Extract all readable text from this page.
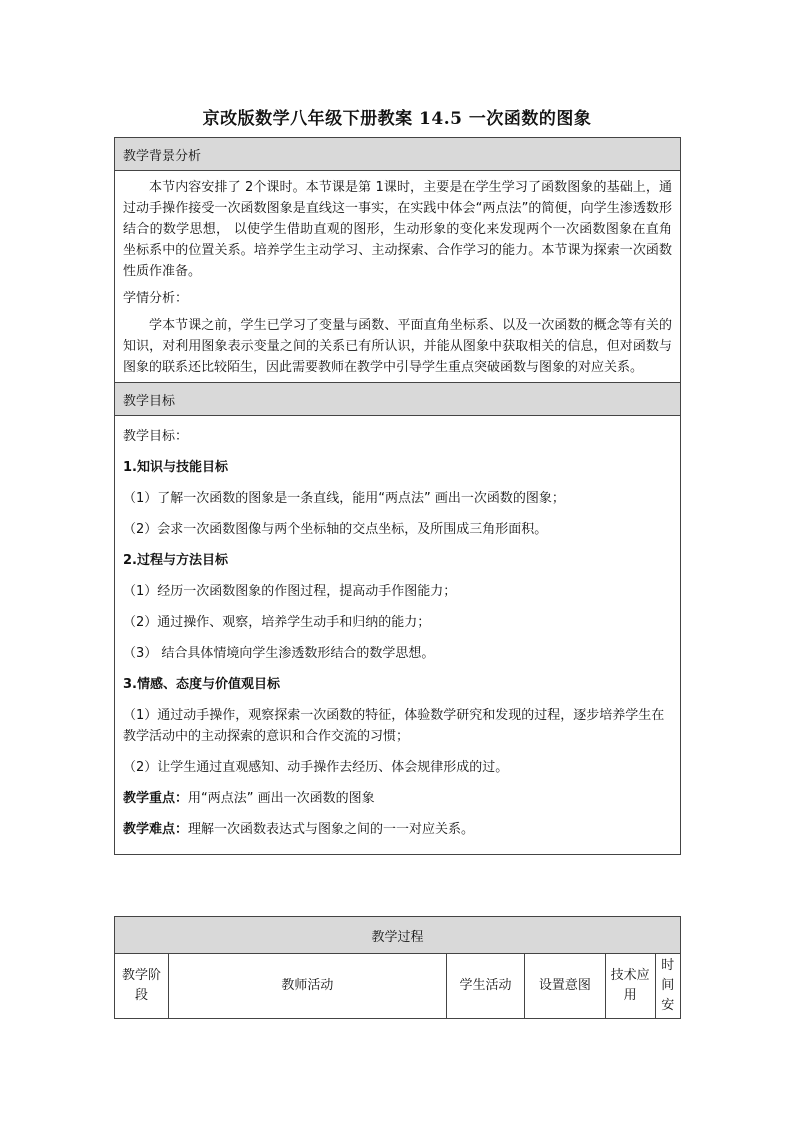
京改版数学八年级下册教案 14.5 一次函数的图象
教学背景分析

本节内容安排了 2个课时。本节课是第 1课时，主要是在学生学习了函数图象的基础上，通过动手操作接受一次函数图象是直线这一事实，在实践中体会“两点法”的简便，向学生渗透数形结合的数学思想， 以使学生借助直观的图形，生动形象的变化来发现两个一次函数图象在直角坐标系中的位置关系。培养学生主动学习、主动探索、合作学习的能力。本节课为探索一次函数性质作准备。

学情分析：

学本节课之前，学生已学习了变量与函数、平面直角坐标系、以及一次函数的概念等有关的知识，对利用图象表示变量之间的关系已有所认识，并能从图象中获取相关的信息，但对函数与图象的联系还比较陌生，因此需要教师在教学中引导学生重点突破函数与图象的对应关系。

教学目标

教学目标：

1.知识与技能目标

（1）了解一次函数的图象是一条直线，能用“两点法” 画出一次函数的图象；

（2）会求一次函数图像与两个坐标轴的交点坐标，及所围成三角形面积。

2.过程与方法目标

（1）经历一次函数图象的作图过程，提高动手作图能力；

（2）通过操作、观察，培养学生动手和归纳的能力；

（3） 结合具体情境向学生渗透数形结合的数学思想。

3.情感、态度与价值观目标

（1）通过动手操作，观察探索一次函数的特征，体验数学研究和发现的过程，逐步培养学生在教学活动中的主动探索的意识和合作交流的习惯；

（2）让学生通过直观感知、动手操作去经历、体会规律形成的过。

教学重点：用“两点法” 画出一次函数的图象

教学难点：理解一次函数表达式与图象之间的一一对应关系。

教学过程
教学阶段	教师活动	学生活动	设置意图	技术应用	时间安
